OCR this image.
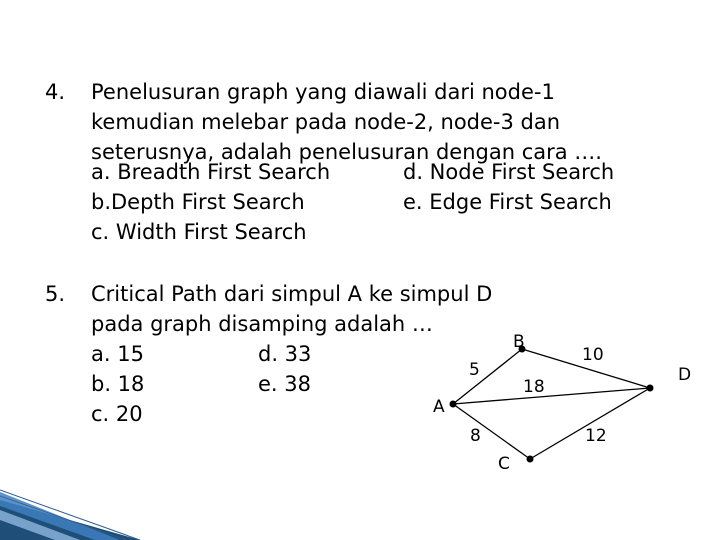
4. Penelusuran graph yang diawali dari node-1
kemudian melebar pada node-2, node-3 dan
seterusnya, adalah penelusuran dengan cara ….
a. Breadth First Search	d. Node First Search
b.Depth First Search	e. Edge First Search
c. Width First Search
5. Critical Path dari simpul A ke simpul D
pada graph disamping adalah …
a. 15	d. 33
b. 18	e. 38
c. 20	A
B
C
D
5
10
18
8	12
